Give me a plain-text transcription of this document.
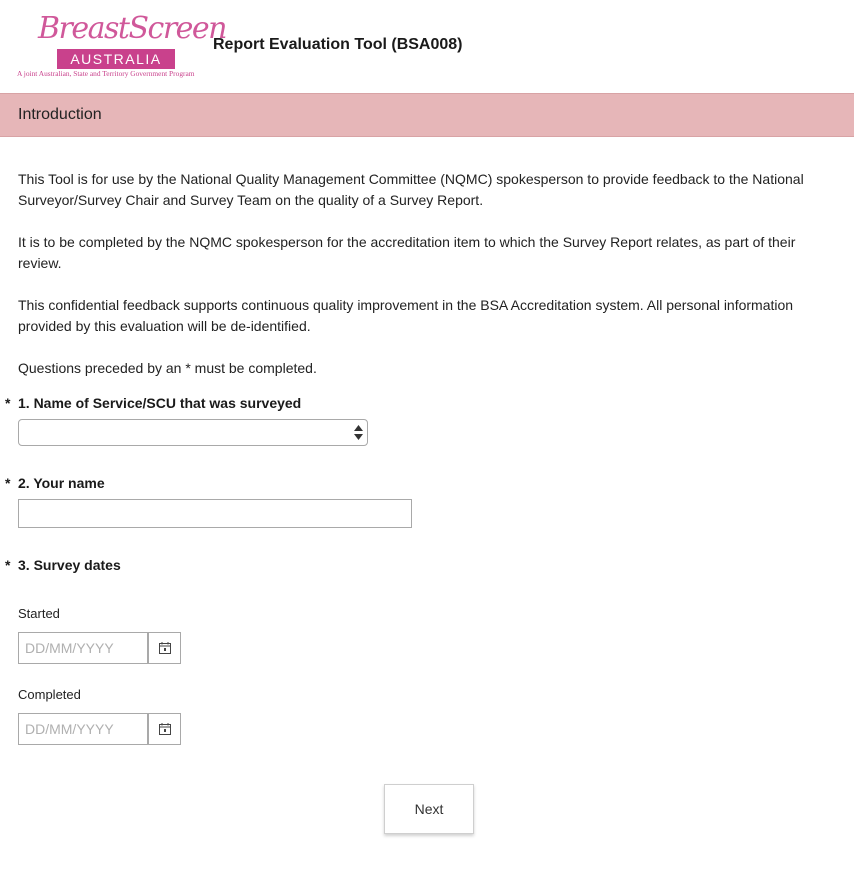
BreastScreen
AUSTRALIA
A joint Australian, State and Territory Government Program
Report Evaluation Tool (BSA008)
Introduction
This Tool is for use by the National Quality Management Committee (NQMC) spokesperson to provide feedback to the National Surveyor/Survey Chair and Survey Team on the quality of a Survey Report.
It is to be completed by the NQMC spokesperson for the accreditation item to which the Survey Report relates, as part of their review.
This confidential feedback supports continuous quality improvement in the BSA Accreditation system. All personal information provided by this evaluation will be de-identified.
Questions preceded by an * must be completed.
* 1. Name of Service/SCU that was surveyed
* 2. Your name
* 3. Survey dates
Started
DD/MM/YYYY
Completed
DD/MM/YYYY
Next
